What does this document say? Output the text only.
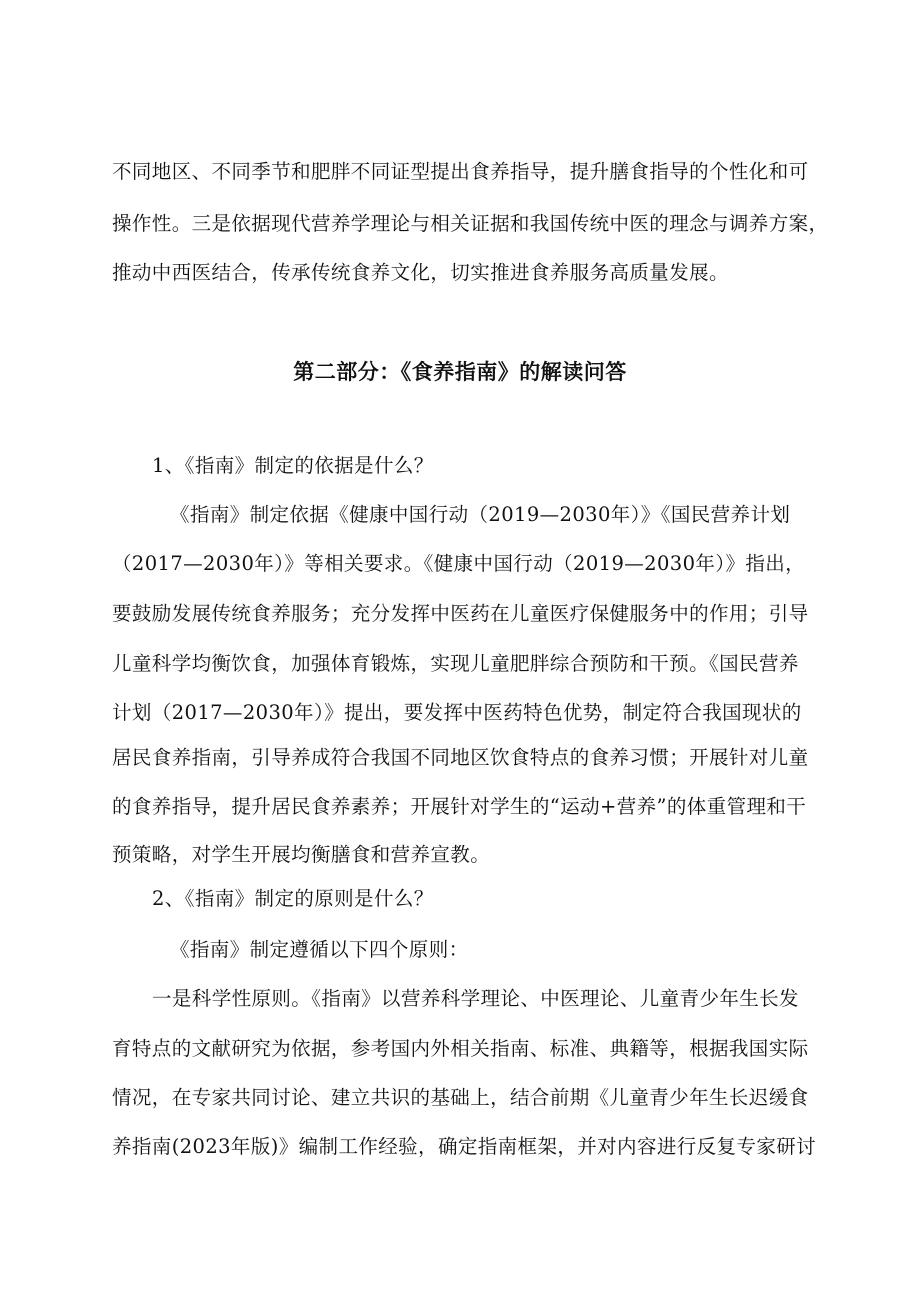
不同地区、不同季节和肥胖不同证型提出食养指导，提升膳食指导的个性化和可
操作性。三是依据现代营养学理论与相关证据和我国传统中医的理念与调养方案，
推动中西医结合，传承传统食养文化，切实推进食养服务高质量发展。
第二部分：《食养指南》的解读问答
1、《指南》制定的依据是什么？
《指南》制定依据《健康中国行动（2019—2030年）》《国民营养计划
（2017—2030年）》等相关要求。《健康中国行动（2019—2030年）》指出，
要鼓励发展传统食养服务；充分发挥中医药在儿童医疗保健服务中的作用；引导
儿童科学均衡饮食，加强体育锻炼，实现儿童肥胖综合预防和干预。《国民营养
计划（2017—2030年）》提出，要发挥中医药特色优势，制定符合我国现状的
居民食养指南，引导养成符合我国不同地区饮食特点的食养习惯；开展针对儿童
的食养指导，提升居民食养素养；开展针对学生的“运动+营养”的体重管理和干
预策略，对学生开展均衡膳食和营养宣教。
2、《指南》制定的原则是什么？
《指南》制定遵循以下四个原则：
一是科学性原则。《指南》以营养科学理论、中医理论、儿童青少年生长发
育特点的文献研究为依据，参考国内外相关指南、标准、典籍等，根据我国实际
情况，在专家共同讨论、建立共识的基础上，结合前期《儿童青少年生长迟缓食
养指南(2023年版)》编制工作经验，确定指南框架，并对内容进行反复专家研讨
